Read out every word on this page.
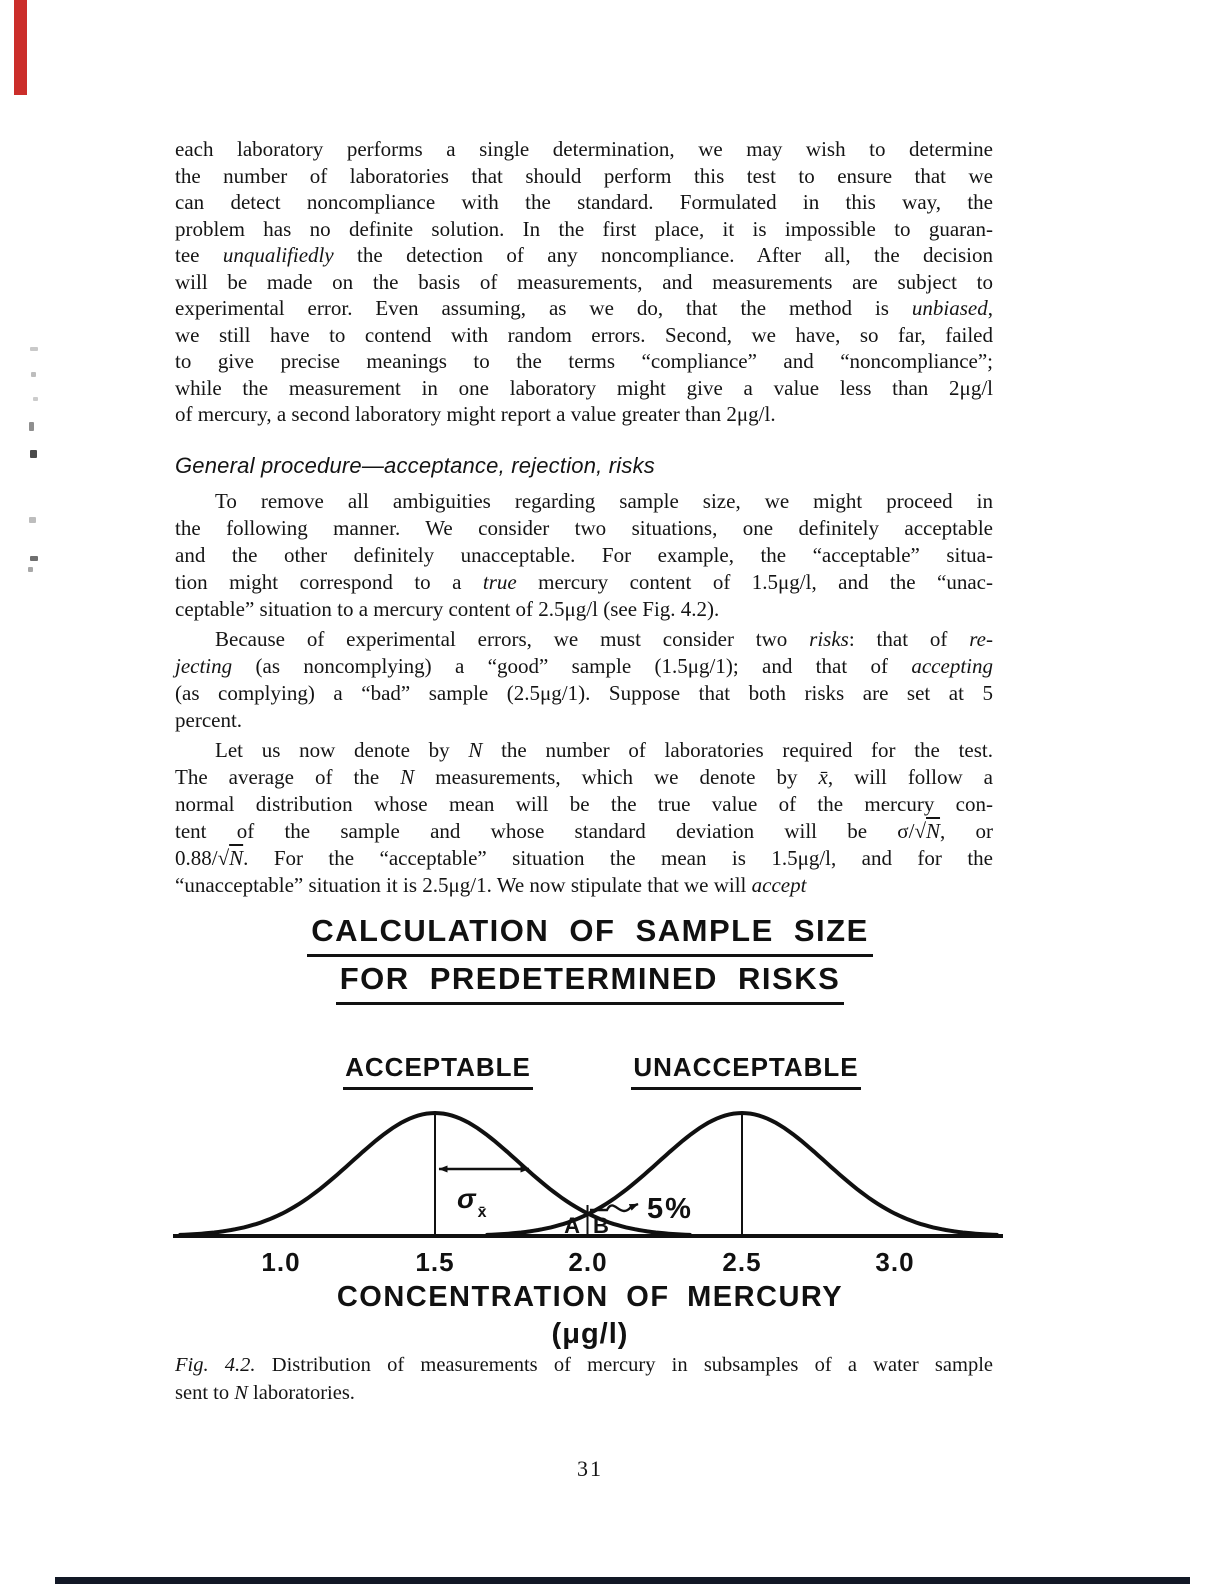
each laboratory performs a single determination, we may wish to determine
the number of laboratories that should perform this test to ensure that we
can detect noncompliance with the standard. Formulated in this way, the
problem has no definite solution. In the first place, it is impossible to guaran-
tee unqualifiedly the detection of any noncompliance. After all, the decision
will be made on the basis of measurements, and measurements are subject to
experimental error. Even assuming, as we do, that the method is unbiased,
we still have to contend with random errors. Second, we have, so far, failed
to give precise meanings to the terms “compliance” and “noncompliance”;
while the measurement in one laboratory might give a value less than 2μg/l
of mercury, a second laboratory might report a value greater than 2μg/l.
General procedure—acceptance, rejection, risks
To remove all ambiguities regarding sample size, we might proceed in
the following manner. We consider two situations, one definitely acceptable
and the other definitely unacceptable. For example, the “acceptable” situa-
tion might correspond to a true mercury content of 1.5μg/l, and the “unac-
ceptable” situation to a mercury content of 2.5μg/l (see Fig. 4.2).
Because of experimental errors, we must consider two risks: that of re-
jecting (as noncomplying) a “good” sample (1.5μg/1); and that of accepting
(as complying) a “bad” sample (2.5μg/1). Suppose that both risks are set at 5
percent.
Let us now denote by N the number of laboratories required for the test.
The average of the N measurements, which we denote by x̄, will follow a
normal distribution whose mean will be the true value of the mercury con-
tent of the sample and whose standard deviation will be σ/√N, or
0.88/√N. For the “acceptable” situation the mean is 1.5μg/l, and for the
“unacceptable” situation it is 2.5μg/1. We now stipulate that we will accept
CALCULATION OF SAMPLE SIZE
FOR PREDETERMINED RISKS
ACCEPTABLE	UNACCEPTABLE
σ $_{x̄}$
A B
5%
1.0	1.5	2.0	2.5	3.0
CONCENTRATION OF MERCURY
(μg/l)
Fig. 4.2. Distribution of measurements of mercury in subsamples of a water sample
sent to N laboratories.
31
